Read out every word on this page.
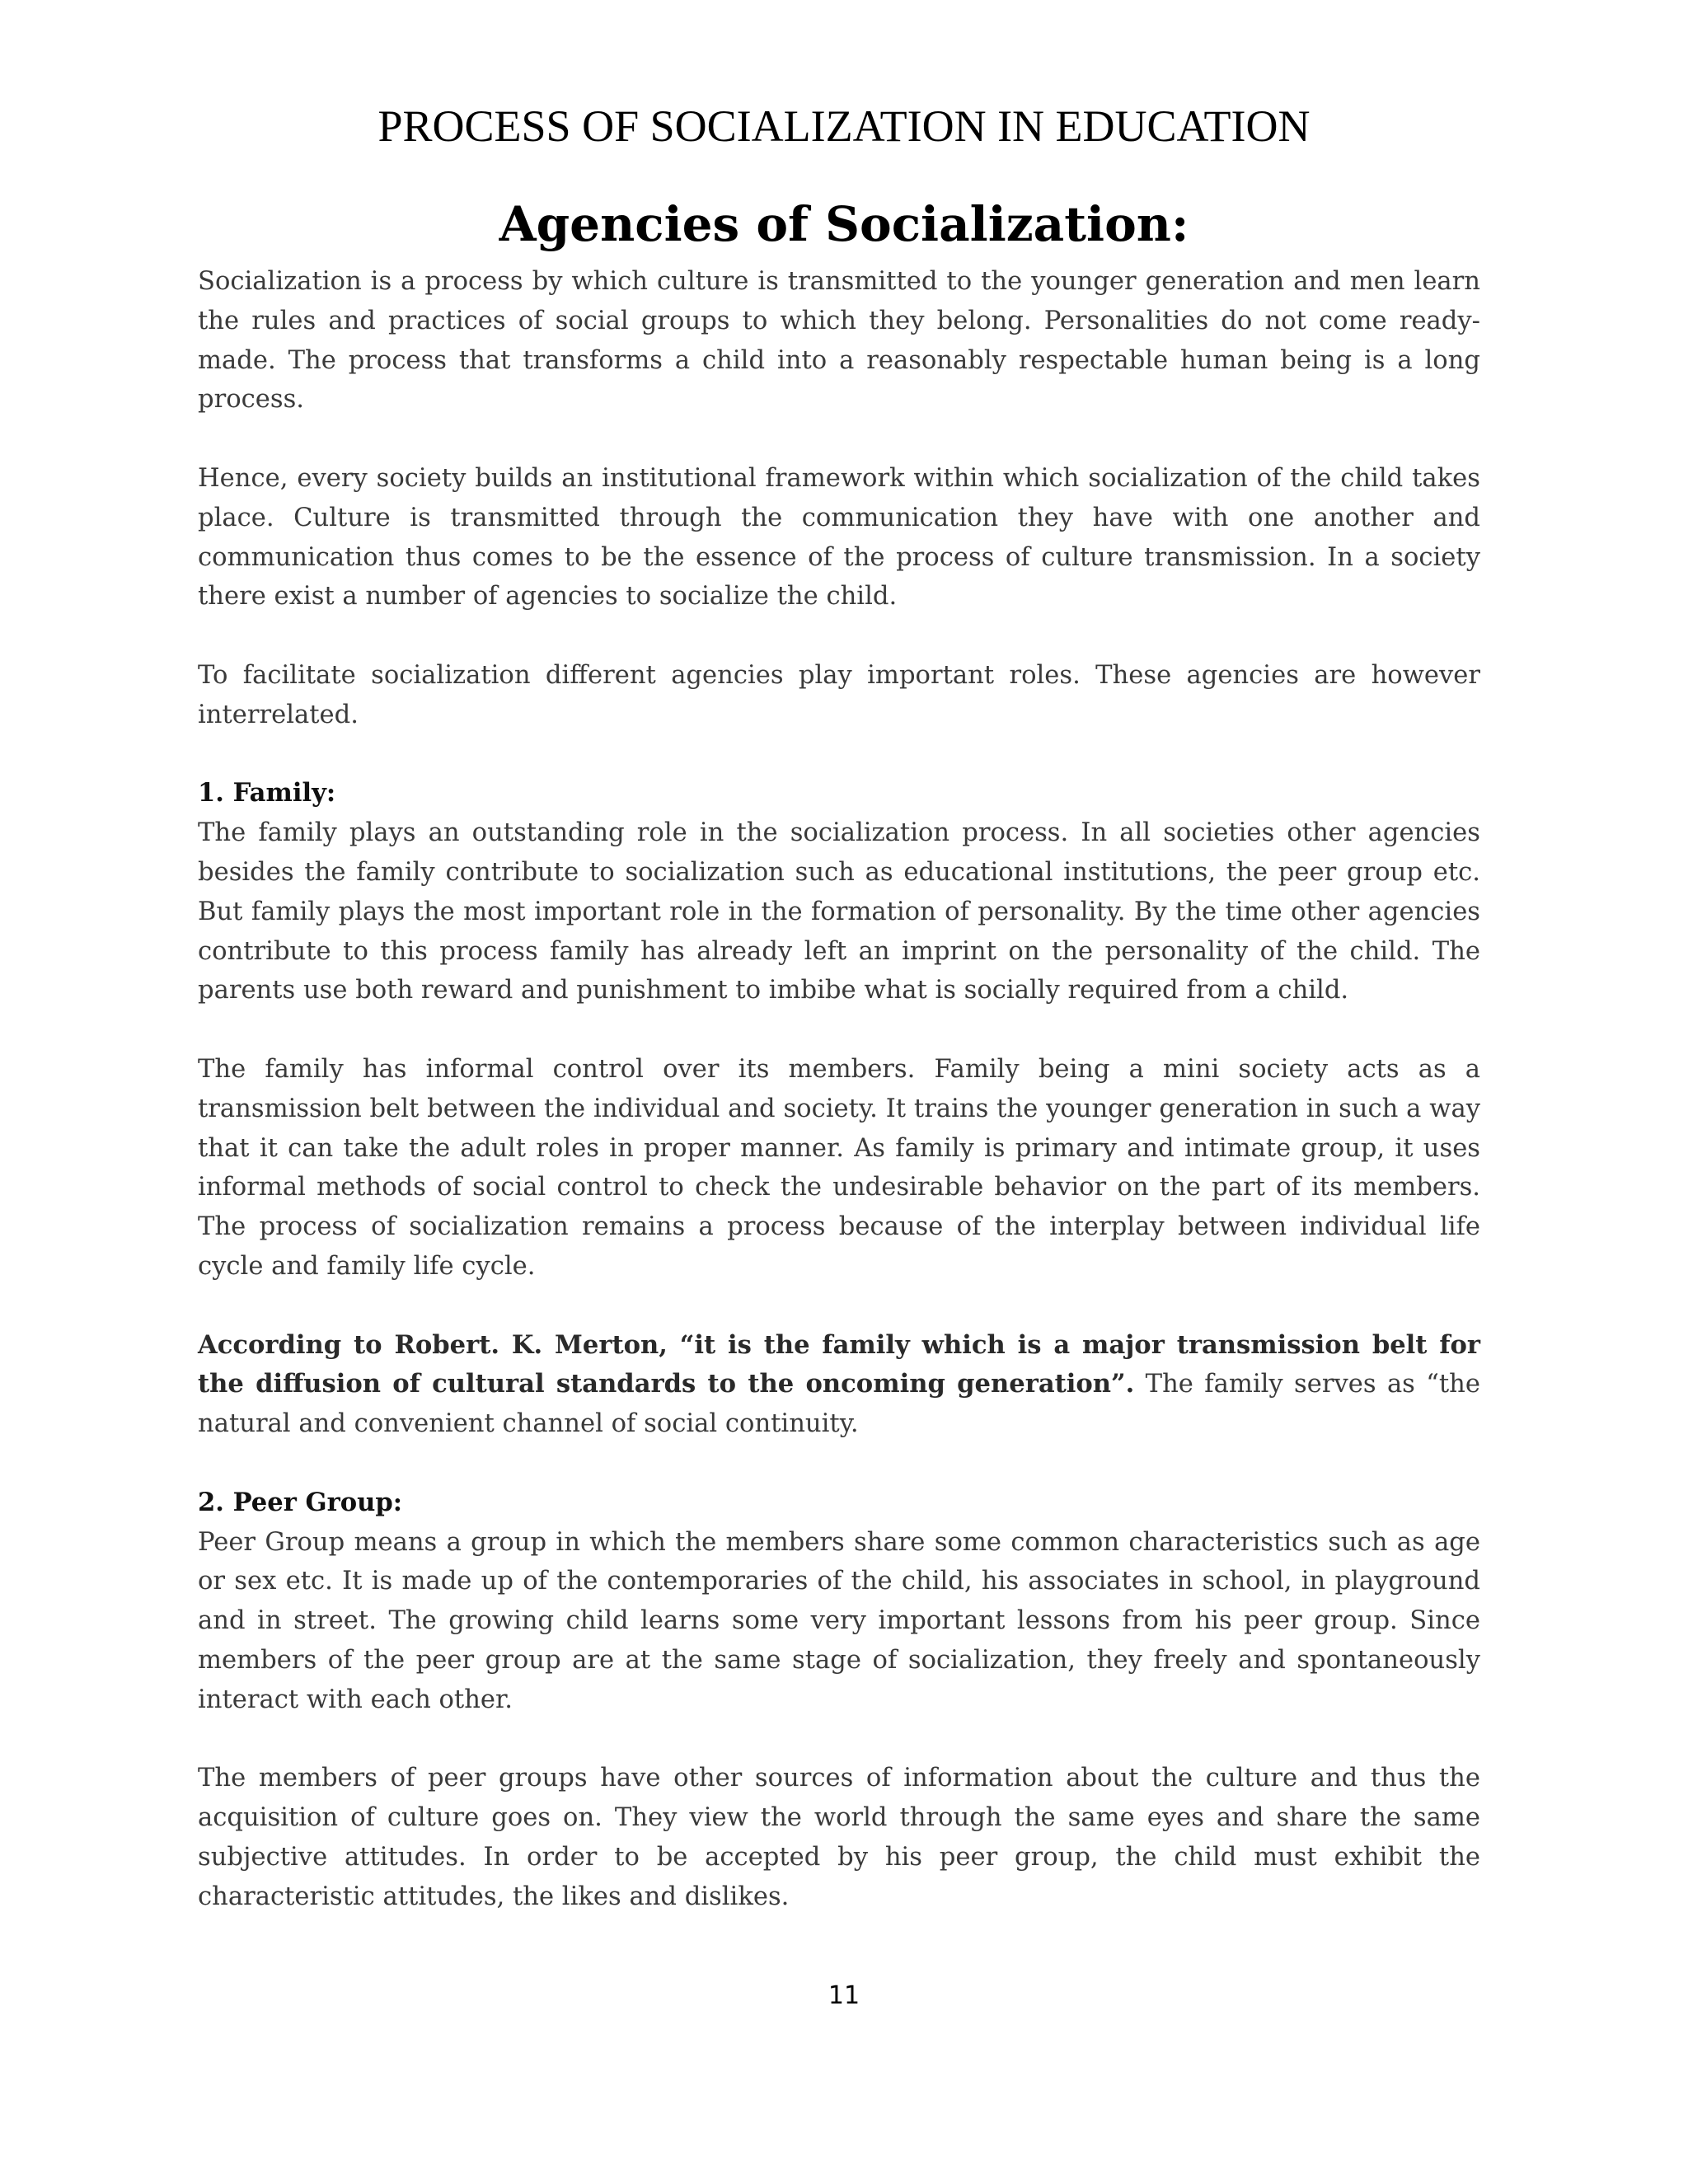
PROCESS OF SOCIALIZATION IN EDUCATION
Agencies of Socialization:

Socialization is a process by which culture is transmitted to the younger generation and men learn the rules and practices of social groups to which they belong. Personalities do not come ready-made. The process that transforms a child into a reasonably respectable human being is a long process.

Hence, every society builds an institutional framework within which socialization of the child takes place. Culture is transmitted through the communication they have with one another and communication thus comes to be the essence of the process of culture transmission. In a society there exist a number of agencies to socialize the child.

To facilitate socialization different agencies play important roles. These agencies are however interrelated.

1. Family:

The family plays an outstanding role in the socialization process. In all societies other agencies besides the family contribute to socialization such as educational institutions, the peer group etc. But family plays the most important role in the formation of personality. By the time other agencies contribute to this process family has already left an imprint on the personality of the child. The parents use both reward and punishment to imbibe what is socially required from a child.

The family has informal control over its members. Family being a mini society acts as a transmission belt between the individual and society. It trains the younger generation in such a way that it can take the adult roles in proper manner. As family is primary and intimate group, it uses informal methods of social control to check the undesirable behavior on the part of its members. The process of socialization remains a process because of the interplay between individual life cycle and family life cycle.

According to Robert. K. Merton, “it is the family which is a major transmission belt for the diffusion of cultural standards to the oncoming generation”. The family serves as “the natural and convenient channel of social continuity.

2. Peer Group:

Peer Group means a group in which the members share some common characteristics such as age or sex etc. It is made up of the contemporaries of the child, his associates in school, in playground and in street. The growing child learns some very important lessons from his peer group. Since members of the peer group are at the same stage of socialization, they freely and spontaneously interact with each other.

The members of peer groups have other sources of information about the culture and thus the acquisition of culture goes on. They view the world through the same eyes and share the same subjective attitudes. In order to be accepted by his peer group, the child must exhibit the characteristic attitudes, the likes and dislikes.

11
